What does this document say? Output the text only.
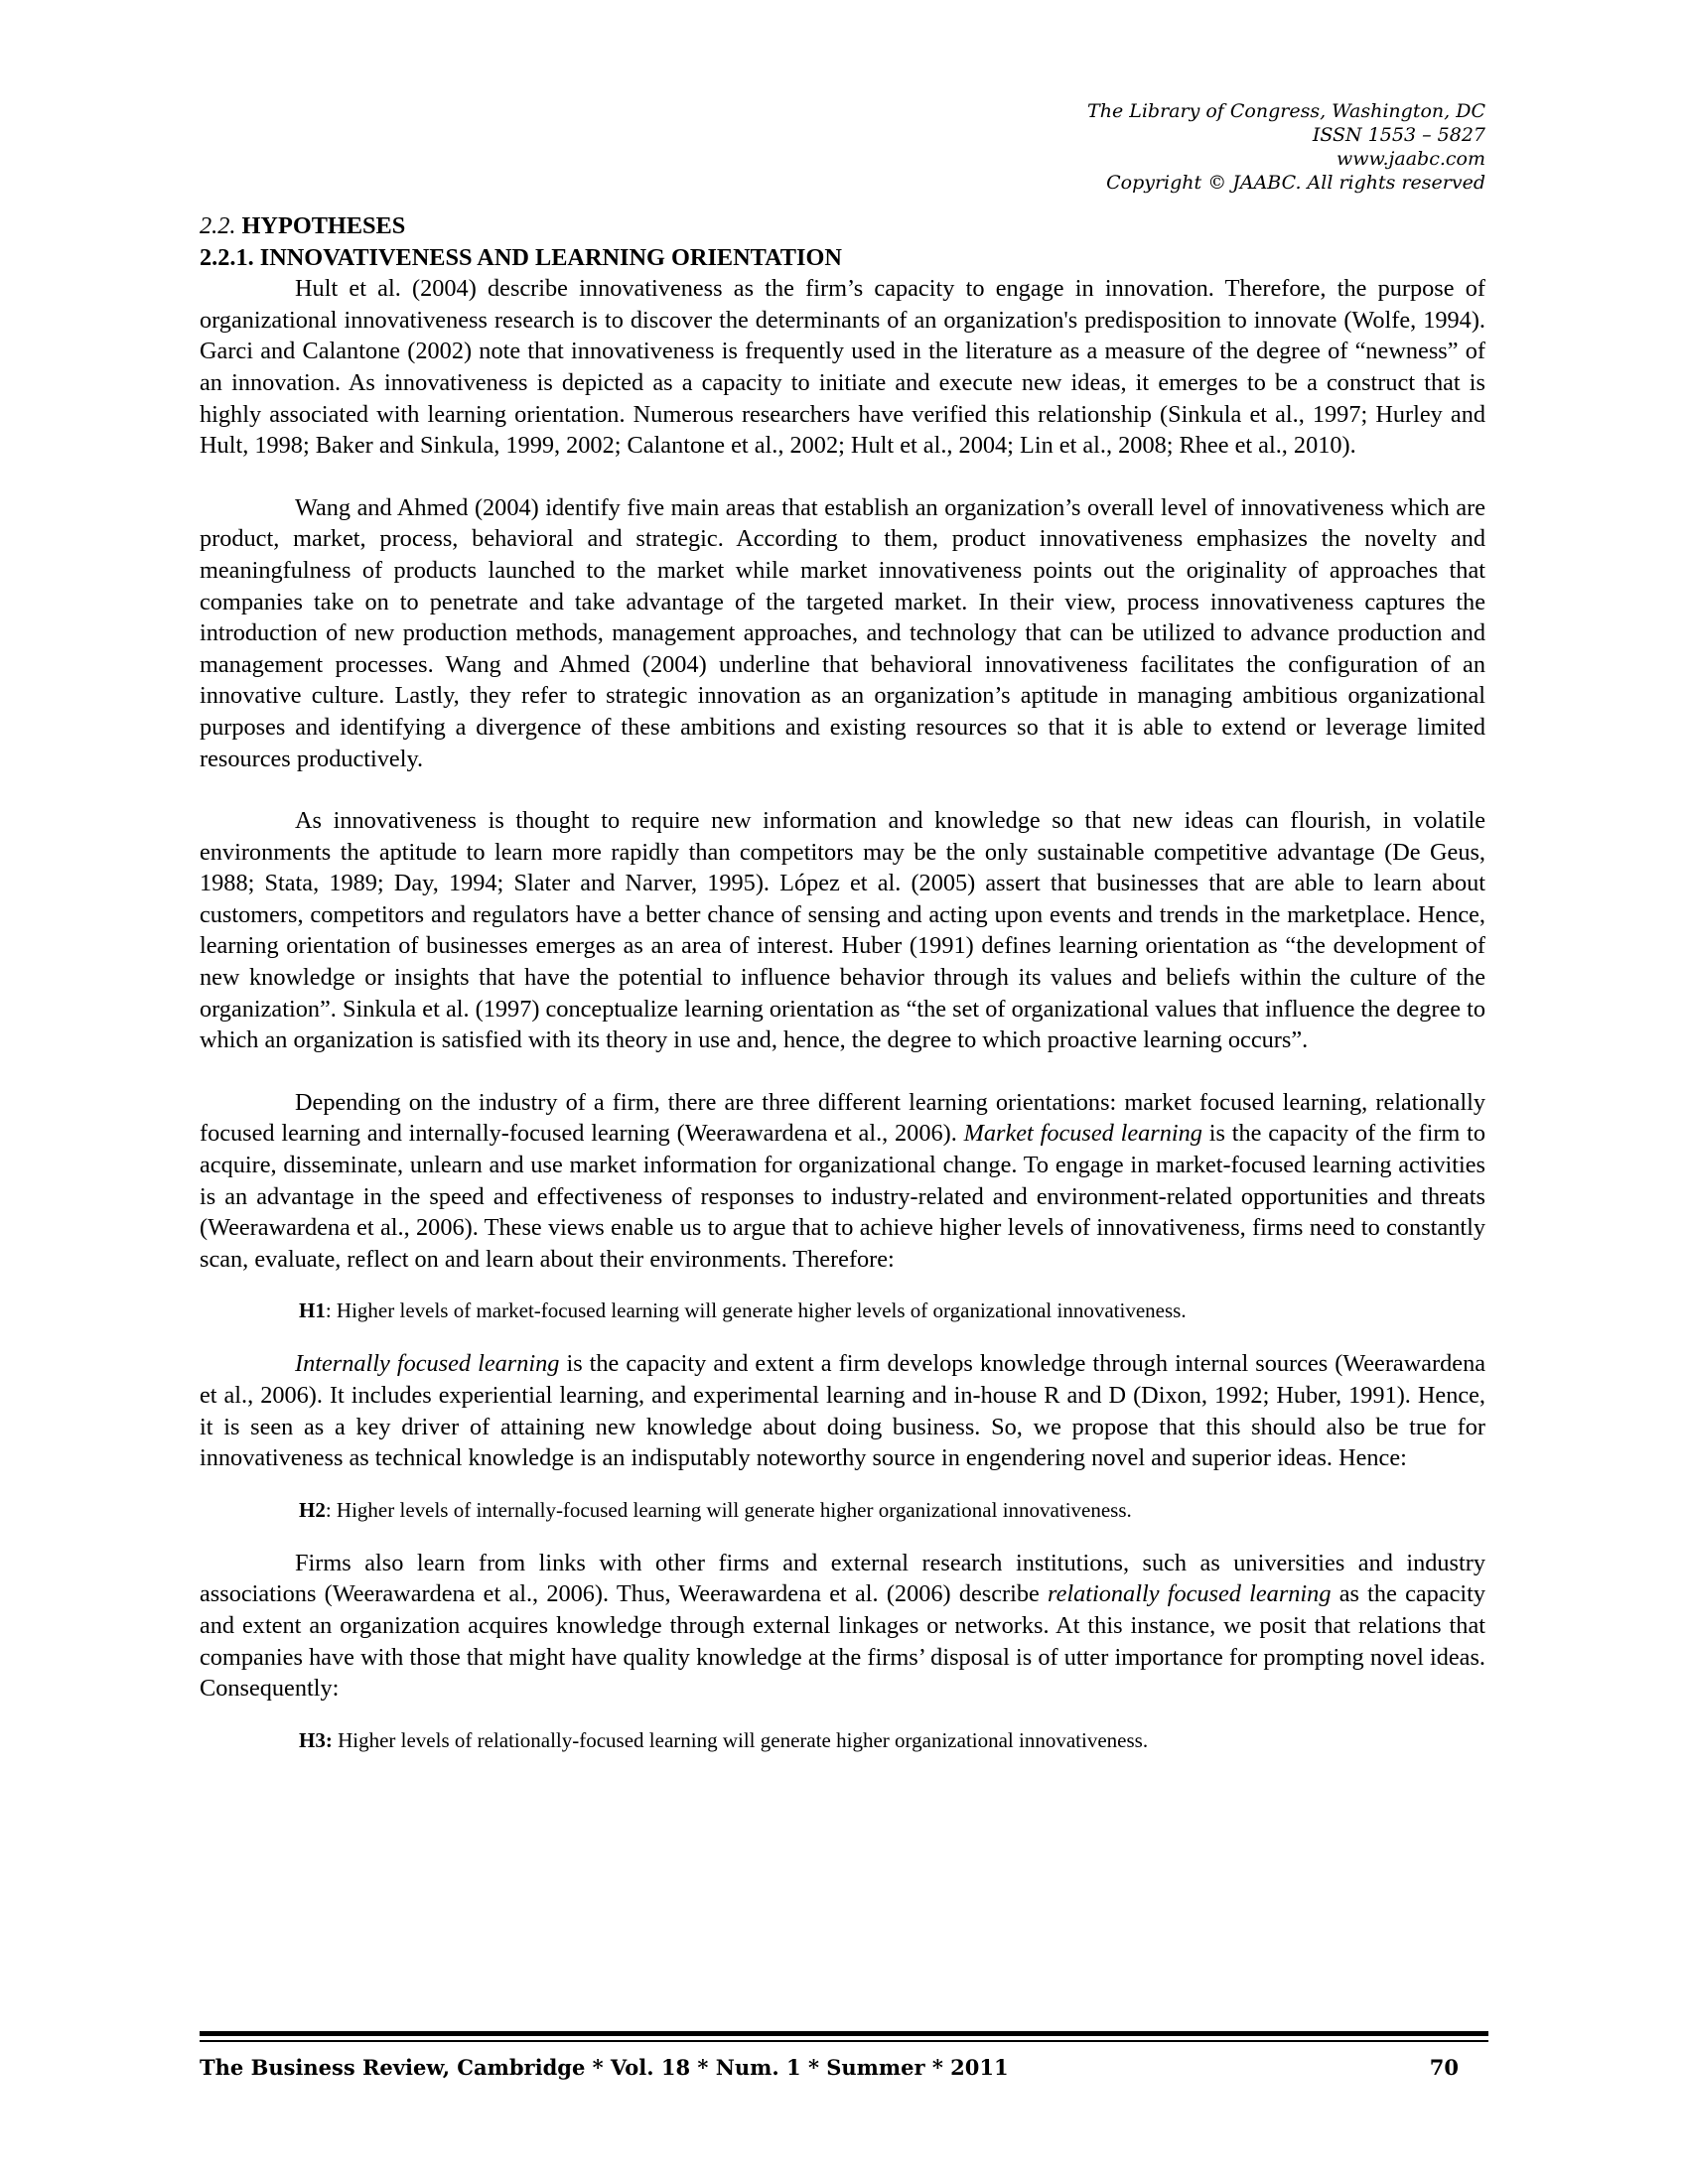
The Library of Congress, Washington, DC
ISSN 1553 – 5827
www.jaabc.com
Copyright © JAABC. All rights reserved
2.2. HYPOTHESES
2.2.1. INNOVATIVENESS AND LEARNING ORIENTATION

Hult et al. (2004) describe innovativeness as the firm’s capacity to engage in innovation. Therefore, the purpose of organizational innovativeness research is to discover the determinants of an organization's predisposition to innovate (Wolfe, 1994). Garci and Calantone (2002) note that innovativeness is frequently used in the literature as a measure of the degree of “newness” of an innovation. As innovativeness is depicted as a capacity to initiate and execute new ideas, it emerges to be a construct that is highly associated with learning orientation. Numerous researchers have verified this relationship (Sinkula et al., 1997; Hurley and Hult, 1998; Baker and Sinkula, 1999, 2002; Calantone et al., 2002; Hult et al., 2004; Lin et al., 2008; Rhee et al., 2010).

Wang and Ahmed (2004) identify five main areas that establish an organization’s overall level of innovativeness which are product, market, process, behavioral and strategic. According to them, product innovativeness emphasizes the novelty and meaningfulness of products launched to the market while market innovativeness points out the originality of approaches that companies take on to penetrate and take advantage of the targeted market. In their view, process innovativeness captures the introduction of new production methods, management approaches, and technology that can be utilized to advance production and management processes. Wang and Ahmed (2004) underline that behavioral innovativeness facilitates the configuration of an innovative culture. Lastly, they refer to strategic innovation as an organization’s aptitude in managing ambitious organizational purposes and identifying a divergence of these ambitions and existing resources so that it is able to extend or leverage limited resources productively.

As innovativeness is thought to require new information and knowledge so that new ideas can flourish, in volatile environments the aptitude to learn more rapidly than competitors may be the only sustainable competitive advantage (De Geus, 1988; Stata, 1989; Day, 1994; Slater and Narver, 1995). López et al. (2005) assert that businesses that are able to learn about customers, competitors and regulators have a better chance of sensing and acting upon events and trends in the marketplace. Hence, learning orientation of businesses emerges as an area of interest. Huber (1991) defines learning orientation as “the development of new knowledge or insights that have the potential to influence behavior through its values and beliefs within the culture of the organization”. Sinkula et al. (1997) conceptualize learning orientation as “the set of organizational values that influence the degree to which an organization is satisfied with its theory in use and, hence, the degree to which proactive learning occurs”.

Depending on the industry of a firm, there are three different learning orientations: market focused learning, relationally focused learning and internally-focused learning (Weerawardena et al., 2006). Market focused learning is the capacity of the firm to acquire, disseminate, unlearn and use market information for organizational change. To engage in market-focused learning activities is an advantage in the speed and effectiveness of responses to industry-related and environment-related opportunities and threats (Weerawardena et al., 2006). These views enable us to argue that to achieve higher levels of innovativeness, firms need to constantly scan, evaluate, reflect on and learn about their environments. Therefore:

H1: Higher levels of market-focused learning will generate higher levels of organizational innovativeness.

Internally focused learning is the capacity and extent a firm develops knowledge through internal sources (Weerawardena et al., 2006). It includes experiential learning, and experimental learning and in-house R and D (Dixon, 1992; Huber, 1991). Hence, it is seen as a key driver of attaining new knowledge about doing business. So, we propose that this should also be true for innovativeness as technical knowledge is an indisputably noteworthy source in engendering novel and superior ideas. Hence:

H2: Higher levels of internally-focused learning will generate higher organizational innovativeness.

Firms also learn from links with other firms and external research institutions, such as universities and industry associations (Weerawardena et al., 2006). Thus, Weerawardena et al. (2006) describe relationally focused learning as the capacity and extent an organization acquires knowledge through external linkages or networks. At this instance, we posit that relations that companies have with those that might have quality knowledge at the firms’ disposal is of utter importance for prompting novel ideas. Consequently:

H3: Higher levels of relationally-focused learning will generate higher organizational innovativeness.
The Business Review, Cambridge * Vol. 18 * Num. 1 * Summer * 2011	70
